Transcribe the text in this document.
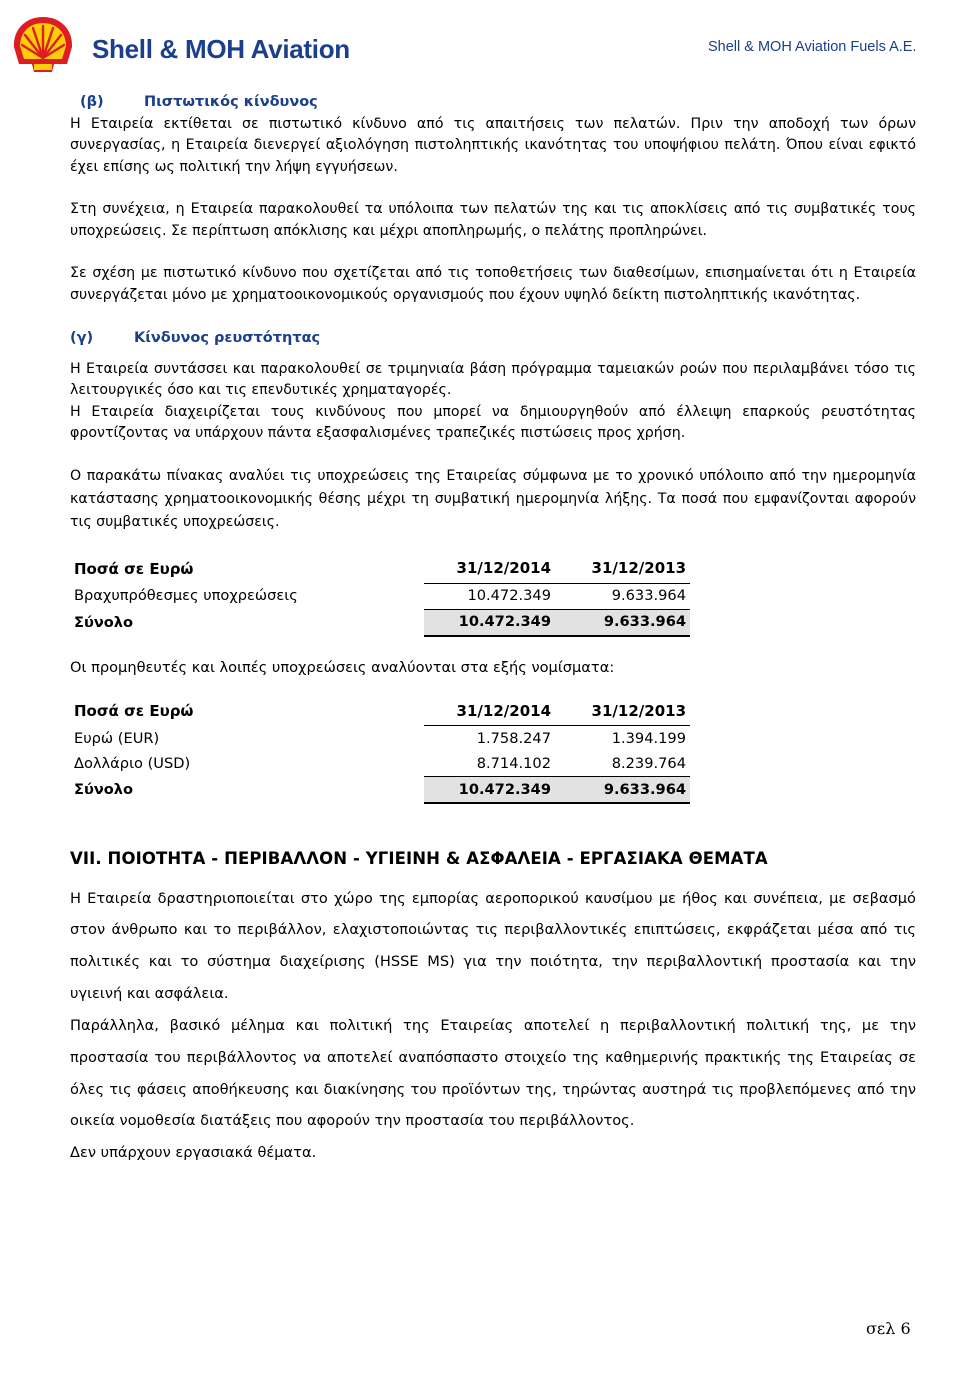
Shell & MOH Aviation	Shell & MOH Aviation Fuels A.E.
(β)	Πιστωτικός κίνδυνος

Η Εταιρεία εκτίθεται σε πιστωτικό κίνδυνο από τις απαιτήσεις των πελατών. Πριν την αποδοχή των όρων συνεργασίας, η Εταιρεία διενεργεί αξιολόγηση πιστοληπτικής ικανότητας του υποψήφιου πελάτη. Όπου είναι εφικτό έχει επίσης ως πολιτική την λήψη εγγυήσεων.

Στη συνέχεια, η Εταιρεία παρακολουθεί τα υπόλοιπα των πελατών της και τις αποκλίσεις από τις συμβατικές τους υποχρεώσεις. Σε περίπτωση απόκλισης και μέχρι αποπληρωμής, ο πελάτης προπληρώνει.

Σε σχέση με πιστωτικό κίνδυνο που σχετίζεται από τις τοποθετήσεις των διαθεσίμων, επισημαίνεται ότι η Εταιρεία συνεργάζεται μόνο με χρηματοοικονομικούς οργανισμούς που έχουν υψηλό δείκτη πιστοληπτικής ικανότητας.

(γ)	Κίνδυνος ρευστότητας

Η Εταιρεία συντάσσει και παρακολουθεί σε τριμηνιαία βάση πρόγραμμα ταμειακών ροών που περιλαμβάνει τόσο τις λειτουργικές όσο και τις επενδυτικές χρηματαγορές.

Η Εταιρεία διαχειρίζεται τους κινδύνους που μπορεί να δημιουργηθούν από έλλειψη επαρκούς ρευστότητας φροντίζοντας να υπάρχουν πάντα εξασφαλισμένες τραπεζικές πιστώσεις προς χρήση.

Ο παρακάτω πίνακας αναλύει τις υποχρεώσεις της Εταιρείας σύμφωνα με το χρονικό υπόλοιπο από την ημερομηνία κατάστασης χρηματοοικονομικής θέσης μέχρι τη συμβατική ημερομηνία λήξης. Τα ποσά που εμφανίζονται αφορούν τις συμβατικές υποχρεώσεις.

Ποσά σε Ευρώ	31/12/2014	31/12/2013
Βραχυπρόθεσμες υποχρεώσεις	10.472.349	9.633.964
Σύνολο	10.472.349	9.633.964

Οι προμηθευτές και λοιπές υποχρεώσεις αναλύονται στα εξής νομίσματα:

Ποσά σε Ευρώ	31/12/2014	31/12/2013
Ευρώ (EUR)	1.758.247	1.394.199
Δολλάριο (USD)	8.714.102	8.239.764
Σύνολο	10.472.349	9.633.964

VII. ΠΟΙΟΤΗΤΑ - ΠΕΡΙΒΑΛΛΟΝ - ΥΓΙΕΙΝΗ & ΑΣΦΑΛΕΙΑ - ΕΡΓΑΣΙΑΚΑ ΘΕΜΑΤΑ

Η Εταιρεία δραστηριοποιείται στο χώρο της εμπορίας αεροπορικού καυσίμου με ήθος και συνέπεια, με σεβασμό στον άνθρωπο και το περιβάλλον, ελαχιστοποιώντας τις περιβαλλοντικές επιπτώσεις, εκφράζεται μέσα από τις πολιτικές και το σύστημα διαχείρισης (HSSE MS) για την ποιότητα, την περιβαλλοντική προστασία και την υγιεινή και ασφάλεια.

Παράλληλα, βασικό μέλημα και πολιτική της Εταιρείας αποτελεί η περιβαλλοντική πολιτική της, με την προστασία του περιβάλλοντος να αποτελεί αναπόσπαστο στοιχείο της καθημερινής πρακτικής της Εταιρείας σε όλες τις φάσεις αποθήκευσης και διακίνησης του προϊόντων της, τηρώντας αυστηρά τις προβλεπόμενες από την οικεία νομοθεσία διατάξεις που αφορούν την προστασία του περιβάλλοντος.

Δεν υπάρχουν εργασιακά θέματα.

σελ 6
